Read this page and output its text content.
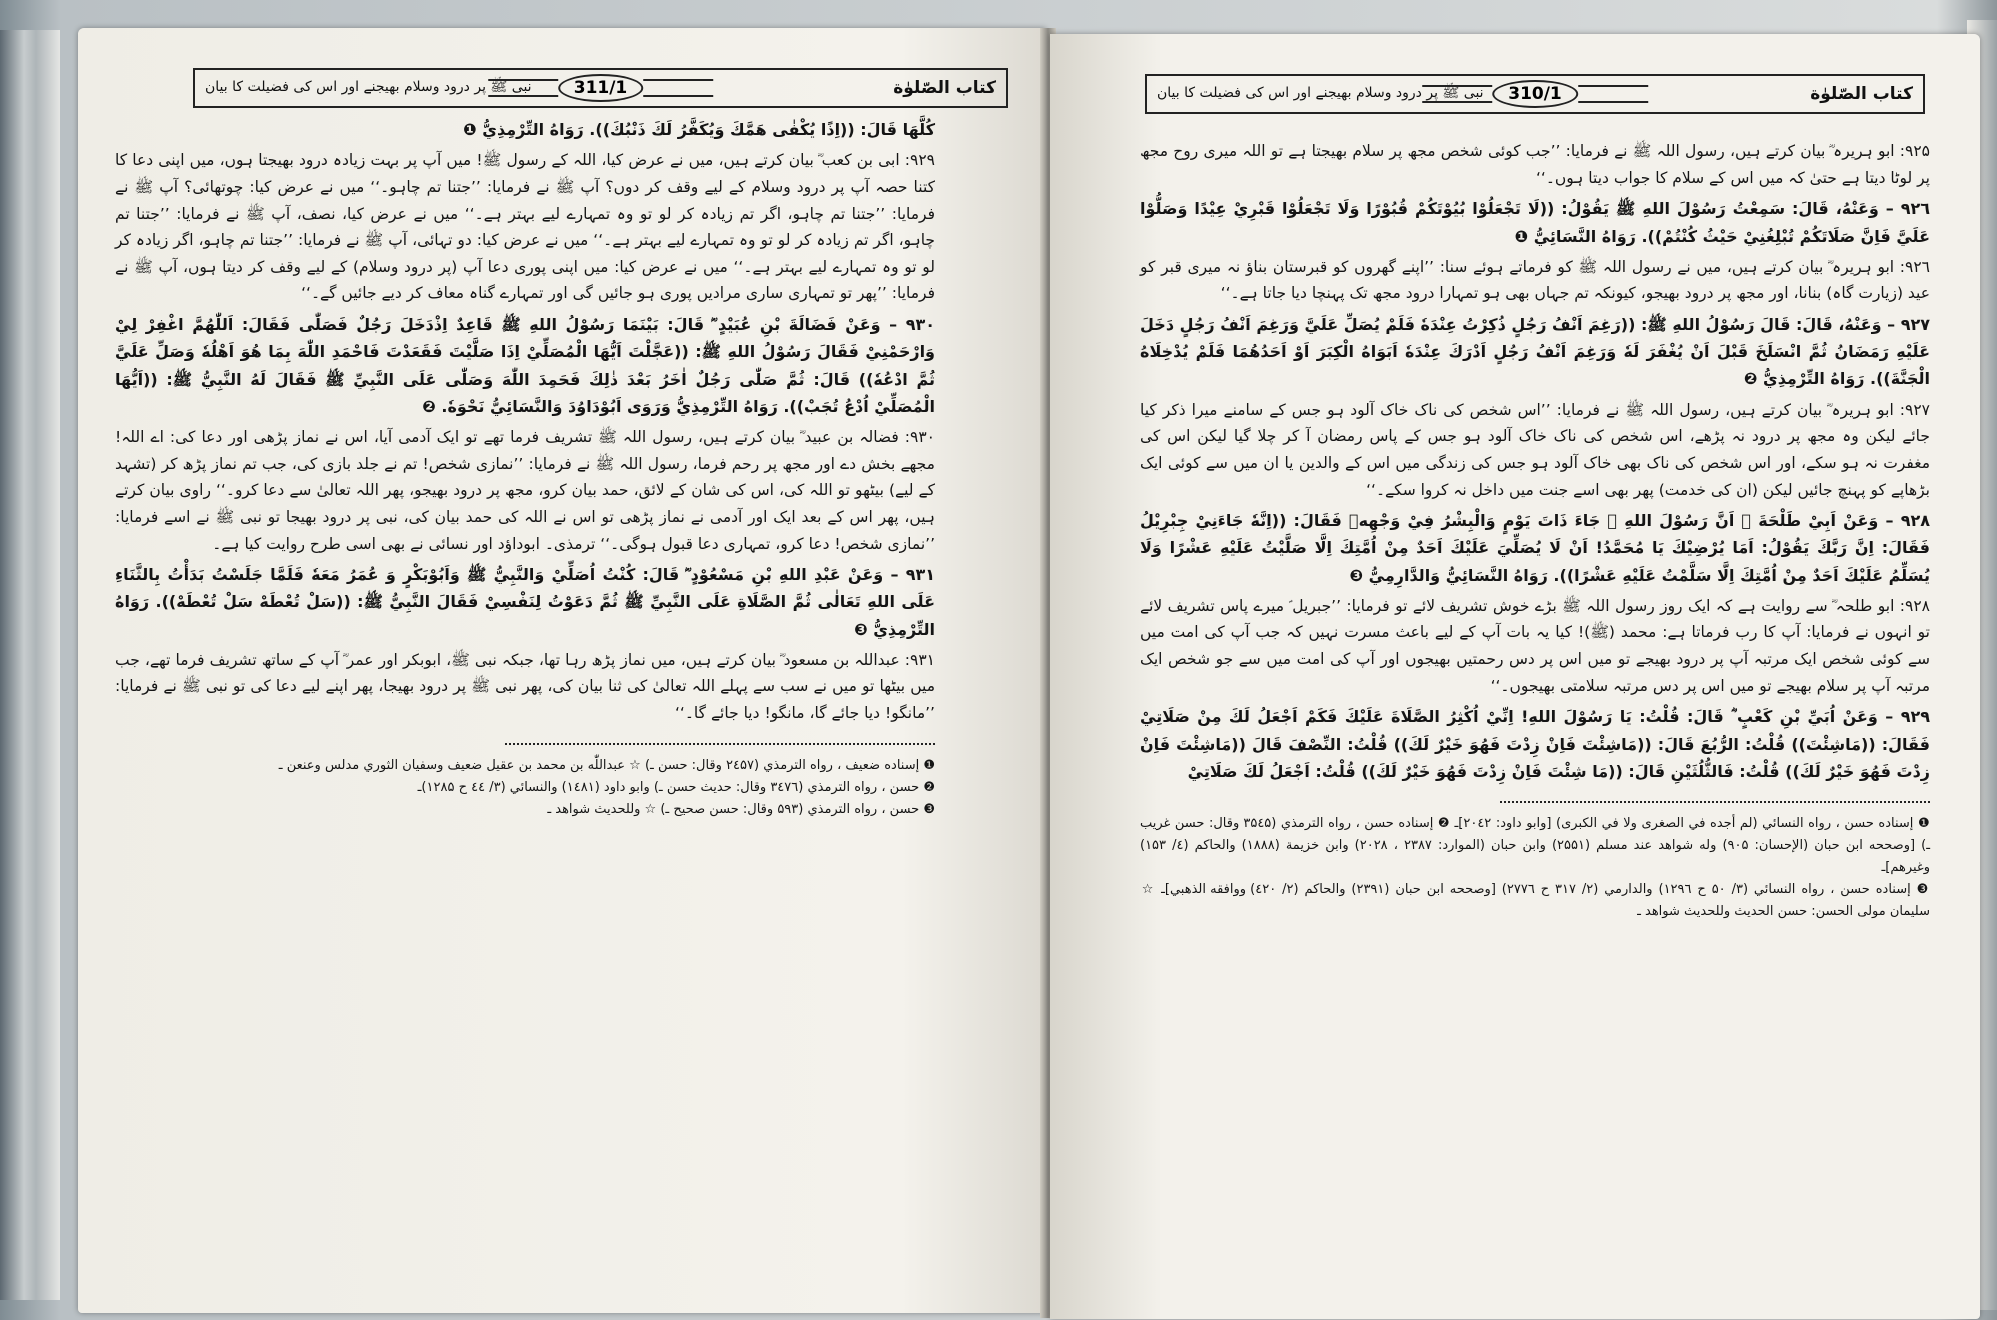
نبی ﷺ پر درود وسلام بھیجنے اور اس کی فضیلت کا بیان	311/1	كتاب الصّلوٰة

كُلَّهَا قَالَ: ((اِذًا يُكْفٰى هَمَّكَ وَيُكَفَّرُ لَكَ ذَنْبُكَ)). رَوَاهُ التِّرْمِذِيُّ ❶

۹۲۹: ابی بن کعب ؓ بیان کرتے ہیں، میں نے عرض کیا، اللہ کے رسول ﷺ! میں آپ پر بہت زیادہ درود بھیجتا ہوں، میں اپنی دعا کا کتنا حصہ آپ پر درود وسلام کے لیے وقف کر دوں؟ آپ ﷺ نے فرمایا: ’’جتنا تم چاہو۔‘‘ میں نے عرض کیا: چوتھائی؟ آپ ﷺ نے فرمایا: ’’جتنا تم چاہو، اگر تم زیادہ کر لو تو وہ تمہارے لیے بہتر ہے۔‘‘ میں نے عرض کیا، نصف، آپ ﷺ نے فرمایا: ’’جتنا تم چاہو، اگر تم زیادہ کر لو تو وہ تمہارے لیے بہتر ہے۔‘‘ میں نے عرض کیا: دو تہائی، آپ ﷺ نے فرمایا: ’’جتنا تم چاہو، اگر زیادہ کر لو تو وہ تمہارے لیے بہتر ہے۔‘‘ میں نے عرض کیا: میں اپنی پوری دعا آپ (پر درود وسلام) کے لیے وقف کر دیتا ہوں، آپ ﷺ نے فرمایا: ’’پھر تو تمہاری ساری مرادیں پوری ہو جائیں گی اور تمہارے گناہ معاف کر دیے جائیں گے۔‘‘

۹۳۰ – وَعَنْ فَضَالَةَ بْنِ عُبَيْدٍ ؓ قَالَ: بَيْنَمَا رَسُوْلُ اللهِ ﷺ قَاعِدٌ اِذْدَخَلَ رَجُلٌ فَصَلّٰى فَقَالَ: اَللّٰهُمَّ اغْفِرْ لِيْ وَارْحَمْنِيْ فَقَالَ رَسُوْلُ اللهِ ﷺ: ((عَجَّلْتَ اَيُّهَا الْمُصَلِّيْ اِذَا صَلَّيْتَ فَقَعَدْتَ فَاحْمَدِ اللّٰهَ بِمَا هُوَ اَهْلُهٗ وَصَلِّ عَلَيَّ ثُمَّ ادْعُهٗ)) قَالَ: ثُمَّ صَلّٰى رَجُلٌ اٰخَرُ بَعْدَ ذٰلِكَ فَحَمِدَ اللّٰهَ وَصَلّٰى عَلَى النَّبِيِّ ﷺ فَقَالَ لَهُ النَّبِيُّ ﷺ: ((اَيُّهَا الْمُصَلِّيْ اُدْعُ تُجَبْ)). رَوَاهُ التِّرْمِذِيُّ وَرَوَى اَبُوْدَاوُدَ وَالنَّسَائِيُّ نَحْوَهٗ. ❷

۹۳۰: فضالہ بن عبید ؓ بیان کرتے ہیں، رسول اللہ ﷺ تشریف فرما تھے تو ایک آدمی آیا، اس نے نماز پڑھی اور دعا کی: اے اللہ! مجھے بخش دے اور مجھ پر رحم فرما، رسول اللہ ﷺ نے فرمایا: ’’نمازی شخص! تم نے جلد بازی کی، جب تم نماز پڑھ کر (تشہد کے لیے) بیٹھو تو اللہ کی، اس کی شان کے لائق، حمد بیان کرو، مجھ پر درود بھیجو، پھر اللہ تعالیٰ سے دعا کرو۔‘‘ راوی بیان کرتے ہیں، پھر اس کے بعد ایک اور آدمی نے نماز پڑھی تو اس نے اللہ کی حمد بیان کی، نبی پر درود بھیجا تو نبی ﷺ نے اسے فرمایا: ’’نمازی شخص! دعا کرو، تمہاری دعا قبول ہوگی۔‘‘ ترمذی۔ ابوداؤد اور نسائی نے بھی اسی طرح روایت کیا ہے۔

۹۳۱ – وَعَنْ عَبْدِ اللهِ بْنِ مَسْعُوْدٍ ؓ قَالَ: كُنْتُ اُصَلِّيْ وَالنَّبِيُّ ﷺ وَاَبُوْبَكْرٍ وَ عُمَرُ مَعَهٗ فَلَمَّا جَلَسْتُ بَدَأْتُ بِالثَّنَاءِ عَلَى اللهِ تَعَالٰى ثُمَّ الصَّلَاةِ عَلَى النَّبِيِّ ﷺ ثُمَّ دَعَوْتُ لِنَفْسِيْ فَقَالَ النَّبِيُّ ﷺ: ((سَلْ تُعْطَهْ سَلْ تُعْطَهْ)). رَوَاهُ التِّرْمِذِيُّ ❸

۹۳۱: عبداللہ بن مسعود ؓ بیان کرتے ہیں، میں نماز پڑھ رہا تھا، جبکہ نبی ﷺ، ابوبکر اور عمر ؓ آپ کے ساتھ تشریف فرما تھے، جب میں بیٹھا تو میں نے سب سے پہلے اللہ تعالیٰ کی ثنا بیان کی، پھر نبی ﷺ پر درود بھیجا، پھر اپنے لیے دعا کی تو نبی ﷺ نے فرمایا: ’’مانگو! دیا جائے گا، مانگو! دیا جائے گا۔‘‘

❶ إسناده ضعيف ، رواه الترمذي (۲٤۵۷ وقال: حسن ـ) ☆ عبداللّٰه بن محمد بن عقيل ضعيف وسفيان الثوري مدلس وعنعن ـ

❷ حسن ، رواه الترمذي (۳٤۷٦ وقال: حديث حسن ـ) وابو داود (۱٤۸۱) والنسائي (۳/ ٤٤ ح ۱۲۸۵)ـ

❸ حسن ، رواه الترمذي (۵۹۳ وقال: حسن صحيح ـ) ☆ وللحديث شواهد ـ

نبی ﷺ پر درود وسلام بھیجنے اور اس کی فضیلت کا بیان	310/1	كتاب الصّلوٰة

۹۲۵: ابو ہریرہ ؓ بیان کرتے ہیں، رسول اللہ ﷺ نے فرمایا: ’’جب کوئی شخص مجھ پر سلام بھیجتا ہے تو اللہ میری روح مجھ پر لوٹا دیتا ہے حتیٰ کہ میں اس کے سلام کا جواب دیتا ہوں۔‘‘

۹۲٦ – وَعَنْهُ، قَالَ: سَمِعْتُ رَسُوْلَ اللهِ ﷺ يَقُوْلُ: ((لَا تَجْعَلُوْا بُيُوْتَكُمْ قُبُوْرًا وَلَا تَجْعَلُوْا قَبْرِيْ عِيْدًا وَصَلُّوْا عَلَيَّ فَاِنَّ صَلَاتَكُمْ تُبْلِغُنِيْ حَيْثُ كُنْتُمْ)). رَوَاهُ النَّسَائِيُّ ❶

۹۲٦: ابو ہریرہ ؓ بیان کرتے ہیں، میں نے رسول اللہ ﷺ کو فرماتے ہوئے سنا: ’’اپنے گھروں کو قبرستان بناؤ نہ میری قبر کو عید (زیارت گاہ) بنانا، اور مجھ پر درود بھیجو، کیونکہ تم جہاں بھی ہو تمہارا درود مجھ تک پہنچا دیا جاتا ہے۔‘‘

۹۲۷ – وَعَنْهُ، قَالَ: قَالَ رَسُوْلُ اللهِ ﷺ: ((رَغِمَ اَنْفُ رَجُلٍ ذُكِرْتُ عِنْدَهٗ فَلَمْ يُصَلِّ عَلَيَّ وَرَغِمَ اَنْفُ رَجُلٍ دَخَلَ عَلَيْهِ رَمَضَانُ ثُمَّ انْسَلَخَ قَبْلَ اَنْ يُغْفَرَ لَهٗ وَرَغِمَ اَنْفُ رَجُلٍ اَدْرَكَ عِنْدَهٗ اَبَوَاهُ الْكِبَرَ اَوْ اَحَدُهُمَا فَلَمْ يُدْخِلَاهُ الْجَنَّةَ)). رَوَاهُ التِّرْمِذِيُّ ❷

۹۲۷: ابو ہریرہ ؓ بیان کرتے ہیں، رسول اللہ ﷺ نے فرمایا: ’’اس شخص کی ناک خاک آلود ہو جس کے سامنے میرا ذکر کیا جائے لیکن وہ مجھ پر درود نہ پڑھے، اس شخص کی ناک خاک آلود ہو جس کے پاس رمضان آ کر چلا گیا لیکن اس کی مغفرت نہ ہو سکے، اور اس شخص کی ناک بھی خاک آلود ہو جس کی زندگی میں اس کے والدین یا ان میں سے کوئی ایک بڑھاپے کو پہنچ جائیں لیکن (ان کی خدمت) پھر بھی اسے جنت میں داخل نہ کروا سکے۔‘‘

۹۲۸ – وَعَنْ اَبِيْ طَلْحَةَ ؓ اَنَّ رَسُوْلَ اللهِ ﷺ جَاءَ ذَاتَ يَوْمٍ وَالْبِشْرُ فِيْ وَجْهِهٖ فَقَالَ: ((اِنَّهٗ جَاءَنِيْ جِبْرِيْلُ فَقَالَ: اِنَّ رَبَّكَ يَقُوْلُ: اَمَا يُرْضِيْكَ يَا مُحَمَّدُ! اَنْ لَا يُصَلِّيَ عَلَيْكَ اَحَدٌ مِنْ اُمَّتِكَ اِلَّا صَلَّيْتُ عَلَيْهِ عَشْرًا وَلَا يُسَلِّمُ عَلَيْكَ اَحَدٌ مِنْ اُمَّتِكَ اِلَّا سَلَّمْتُ عَلَيْهِ عَشْرًا)). رَوَاهُ النَّسَائِيُّ وَالدَّارِمِيُّ ❸

۹۲۸: ابو طلحہ ؓ سے روایت ہے کہ ایک روز رسول اللہ ﷺ بڑے خوش تشریف لائے تو فرمایا: ’’جبریل ؑ میرے پاس تشریف لائے تو انہوں نے فرمایا: آپ کا رب فرماتا ہے: محمد (ﷺ)! کیا یہ بات آپ کے لیے باعث مسرت نہیں کہ جب آپ کی امت میں سے کوئی شخص ایک مرتبہ آپ پر درود بھیجے تو میں اس پر دس رحمتیں بھیجوں اور آپ کی امت میں سے جو شخص ایک مرتبہ آپ پر سلام بھیجے تو میں اس پر دس مرتبہ سلامتی بھیجوں۔‘‘

۹۲۹ – وَعَنْ اُبَيِّ بْنِ كَعْبٍ ؓ قَالَ: قُلْتُ: يَا رَسُوْلَ اللهِ! اِنِّيْ اُكْثِرُ الصَّلَاةَ عَلَيْكَ فَكَمْ اَجْعَلُ لَكَ مِنْ صَلَاتِيْ فَقَالَ: ((مَاشِئْتَ)) قُلْتُ: الرُّبُعَ قَالَ: ((مَاشِئْتَ فَاِنْ زِدْتَ فَهُوَ خَيْرٌ لَكَ)) قُلْتُ: النِّصْفَ قَالَ ((مَاشِئْتَ فَاِنْ زِدْتَ فَهُوَ خَيْرٌ لَكَ)) قُلْتُ: فَالثُّلُثَيْنِ قَالَ: ((مَا شِئْتَ فَاِنْ زِدْتَ فَهُوَ خَيْرٌ لَكَ)) قُلْتُ: اَجْعَلُ لَكَ صَلَاتِيْ

❶ إسناده حسن ، رواه النسائي (لم أجده في الصغرى ولا في الكبرى) [وابو داود: ۲۰٤۲]ـ ❷ إسناده حسن ، رواه الترمذي (۳۵٤۵ وقال: حسن غريب ـ) [وصححه ابن حبان (الإحسان: ۹۰۵) وله شواهد عند مسلم (۲۵۵۱) وابن حبان (الموارد: ۲۳۸۷ ، ۲۰۲۸) وابن خزيمة (۱۸۸۸) والحاكم (٤/ ۱۵۳) وغيرهم]ـ

❸ إسناده حسن ، رواه النسائي (۳/ ۵۰ ح ۱۲۹٦) والدارمي (۲/ ۳۱۷ ح ۲۷۷٦) [وصححه ابن حبان (۲۳۹۱) والحاكم (۲/ ٤۲۰) ووافقه الذهبي]ـ ☆ سليمان مولى الحسن: حسن الحديث وللحديث شواهد ـ
